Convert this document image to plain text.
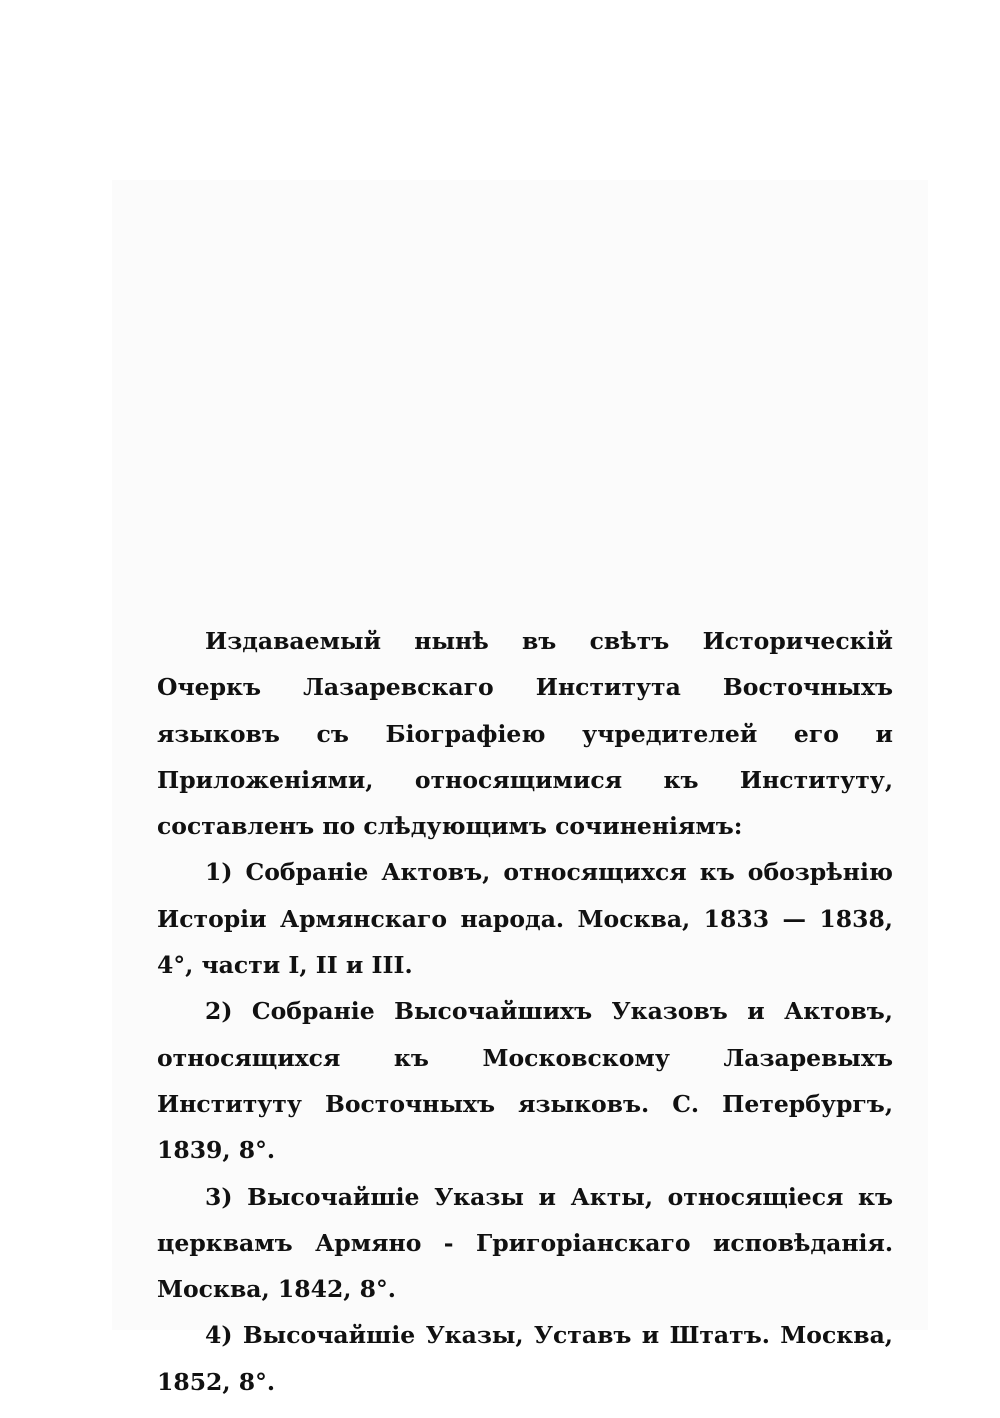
Издаваемый нынѣ въ свѣтъ Историческій Очеркъ Лазаревскаго Института Восточныхъ языковъ съ Біографіею учредителей его и Приложеніями, относящимися къ Институту, составленъ по слѣдующимъ сочиненіямъ:

1) Собраніе Актовъ, относящихся къ обозрѣнію Исторіи Армянскаго народа. Москва, 1833 — 1838, 4°, части I, II и III.

2) Собраніе Высочайшихъ Указовъ и Актовъ, относящихся къ Московскому Лазаревыхъ Институту Восточныхъ языковъ. С. Петербургъ, 1839, 8°.

3) Высочайшіе Указы и Акты, относящіеся къ церквамъ Армяно - Григоріанскаго исповѣданія. Москва, 1842, 8°.

4) Высочайшіе Указы, Уставъ и Штатъ. Москва, 1852, 8°.
